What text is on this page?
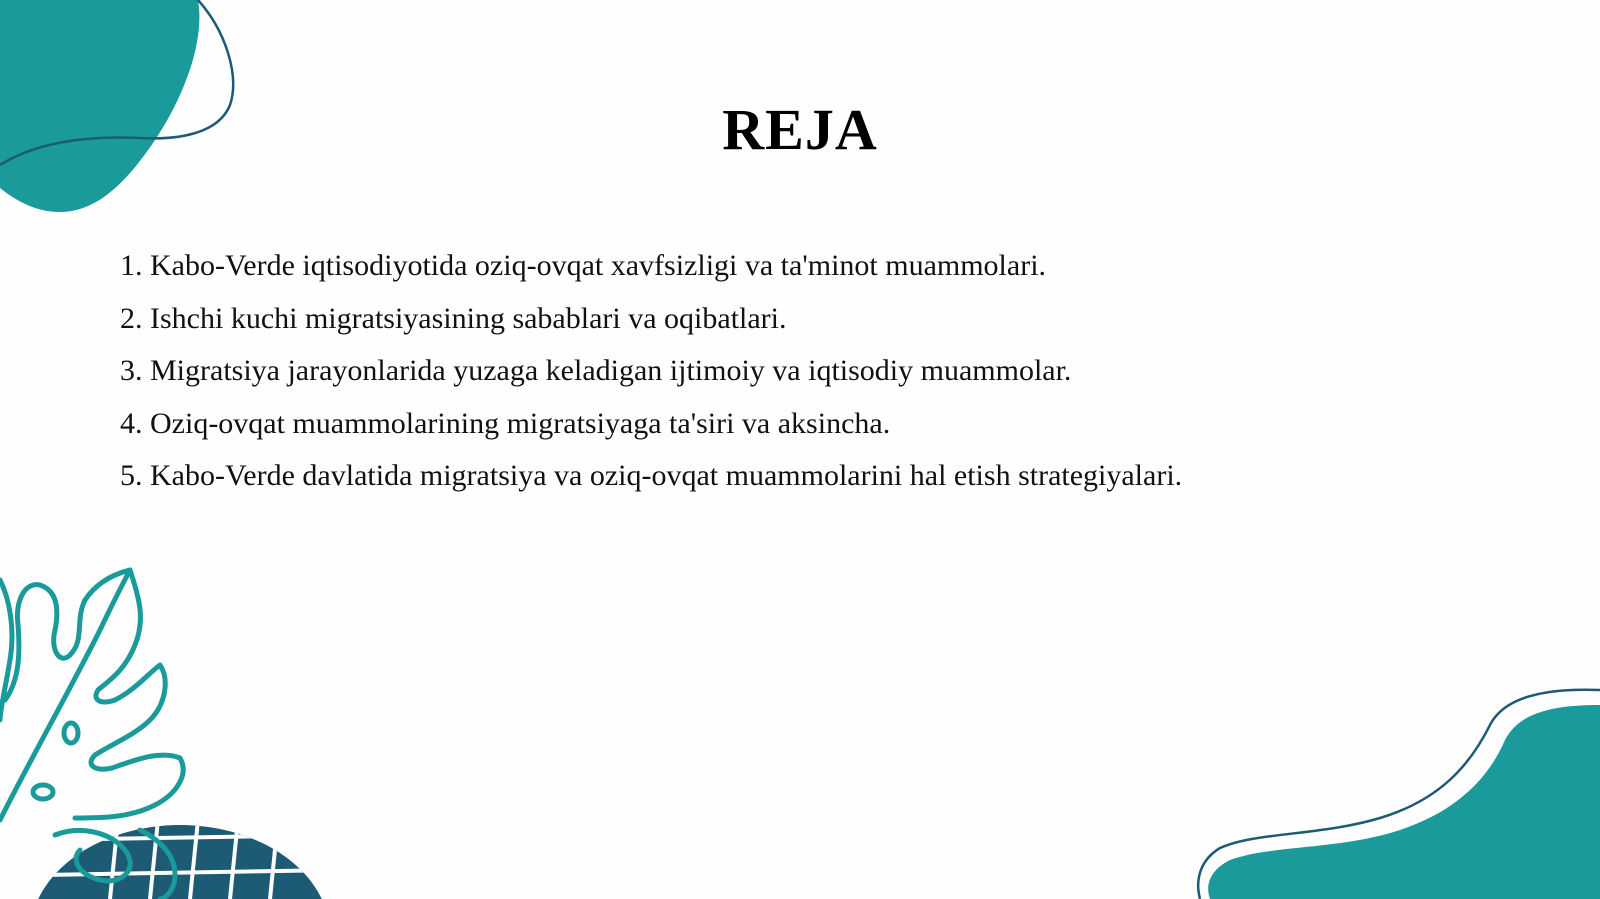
REJA
1. Kabo-Verde iqtisodiyotida oziq-ovqat xavfsizligi va ta'minot muammolari.
2. Ishchi kuchi migratsiyasining sabablari va oqibatlari.
3. Migratsiya jarayonlarida yuzaga keladigan ijtimoiy va iqtisodiy muammolar.
4. Oziq-ovqat muammolarining migratsiyaga ta'siri va aksincha.
5. Kabo-Verde davlatida migratsiya va oziq-ovqat muammolarini hal etish strategiyalari.
